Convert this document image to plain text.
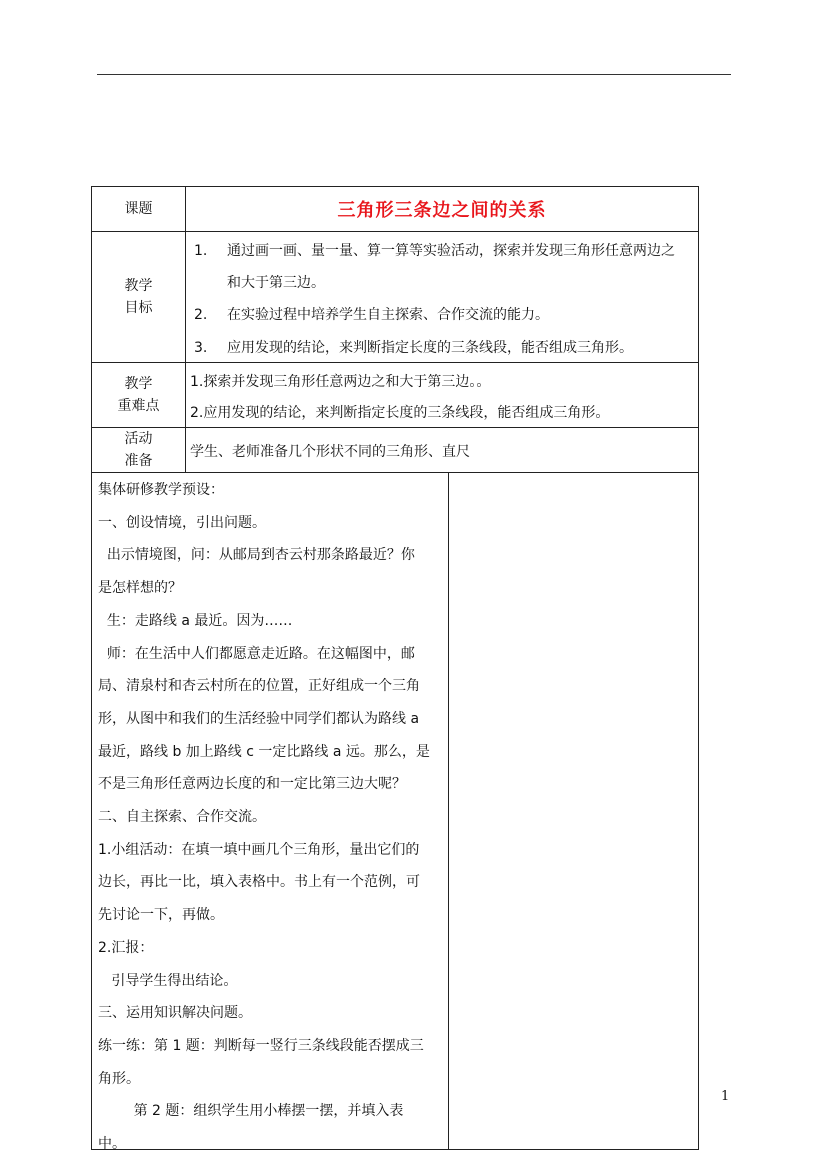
课题	三角形三条边之间的关系
教学
目标
1. 通过画一画、量一量、算一算等实验活动，探索并发现三角形任意两边之
和大于第三边。
2. 在实验过程中培养学生自主探索、合作交流的能力。
3. 应用发现的结论，来判断指定长度的三条线段，能否组成三角形。
教学
重难点
1.探索并发现三角形任意两边之和大于第三边。。
2.应用发现的结论，来判断指定长度的三条线段，能否组成三角形。
活动
准备
学生、老师准备几个形状不同的三角形、直尺
集体研修教学预设：
一、创设情境，引出问题。
出示情境图，问：从邮局到杏云村那条路最近？你
是怎样想的？
生：走路线 a 最近。因为……
师：在生活中人们都愿意走近路。在这幅图中，邮
局、清泉村和杏云村所在的位置，正好组成一个三角
形，从图中和我们的生活经验中同学们都认为路线 a
最近，路线 b 加上路线 c 一定比路线 a 远。那么，是
不是三角形任意两边长度的和一定比第三边大呢？
二、自主探索、合作交流。
1.小组活动：在填一填中画几个三角形，量出它们的
边长，再比一比，填入表格中。书上有一个范例，可
先讨论一下，再做。
2.汇报：
引导学生得出结论。
三、运用知识解决问题。
练一练：第 1 题：判断每一竖行三条线段能否摆成三
角形。
第 2 题：组织学生用小棒摆一摆，并填入表
中。
1
